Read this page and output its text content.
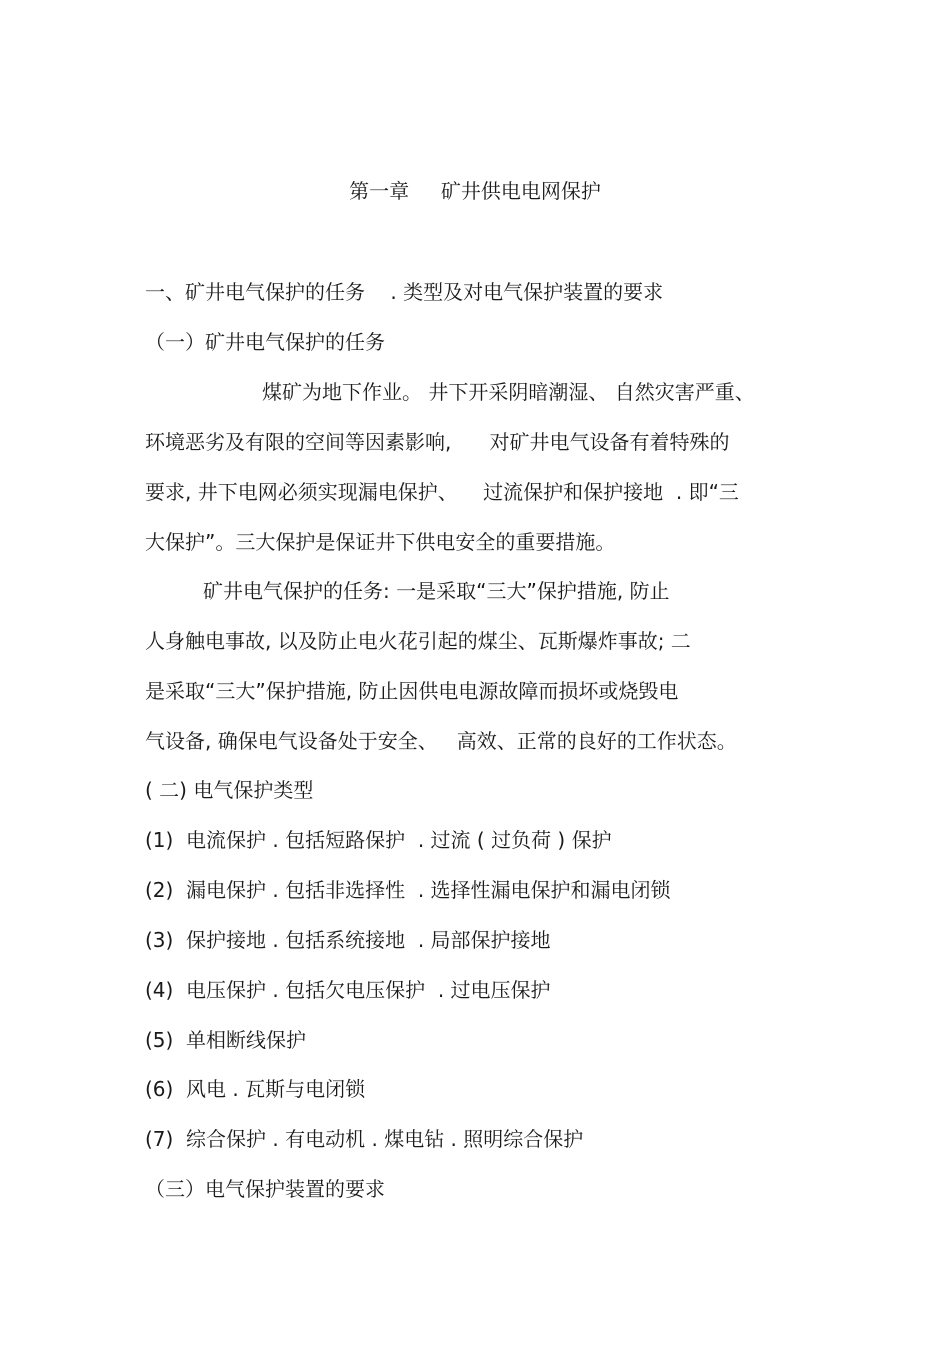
第一章     矿井供电电网保护
一、矿井电气保护的任务    . 类型及对电气保护装置的要求
（一）矿井电气保护的任务
煤矿为地下作业。 井下开采阴暗潮湿、 自然灾害严重、
环境恶劣及有限的空间等因素影响,      对矿井电气设备有着特殊的
要求, 井下电网必须实现漏电保护、    过流保护和保护接地  . 即“三
大保护”。三大保护是保证井下供电安全的重要措施。
矿井电气保护的任务: 一是采取“三大”保护措施, 防止
人身触电事故, 以及防止电火花引起的煤尘、瓦斯爆炸事故; 二
是采取“三大”保护措施, 防止因供电电源故障而损坏或烧毁电
气设备, 确保电气设备处于安全、   高效、正常的良好的工作状态。
( 二) 电气保护类型
(1)  电流保护 . 包括短路保护  . 过流 ( 过负荷 ) 保护
(2)  漏电保护 . 包括非选择性  . 选择性漏电保护和漏电闭锁
(3)  保护接地 . 包括系统接地  . 局部保护接地
(4)  电压保护 . 包括欠电压保护  . 过电压保护
(5)  单相断线保护
(6)  风电 . 瓦斯与电闭锁
(7)  综合保护 . 有电动机 . 煤电钻 . 照明综合保护
（三）电气保护装置的要求
